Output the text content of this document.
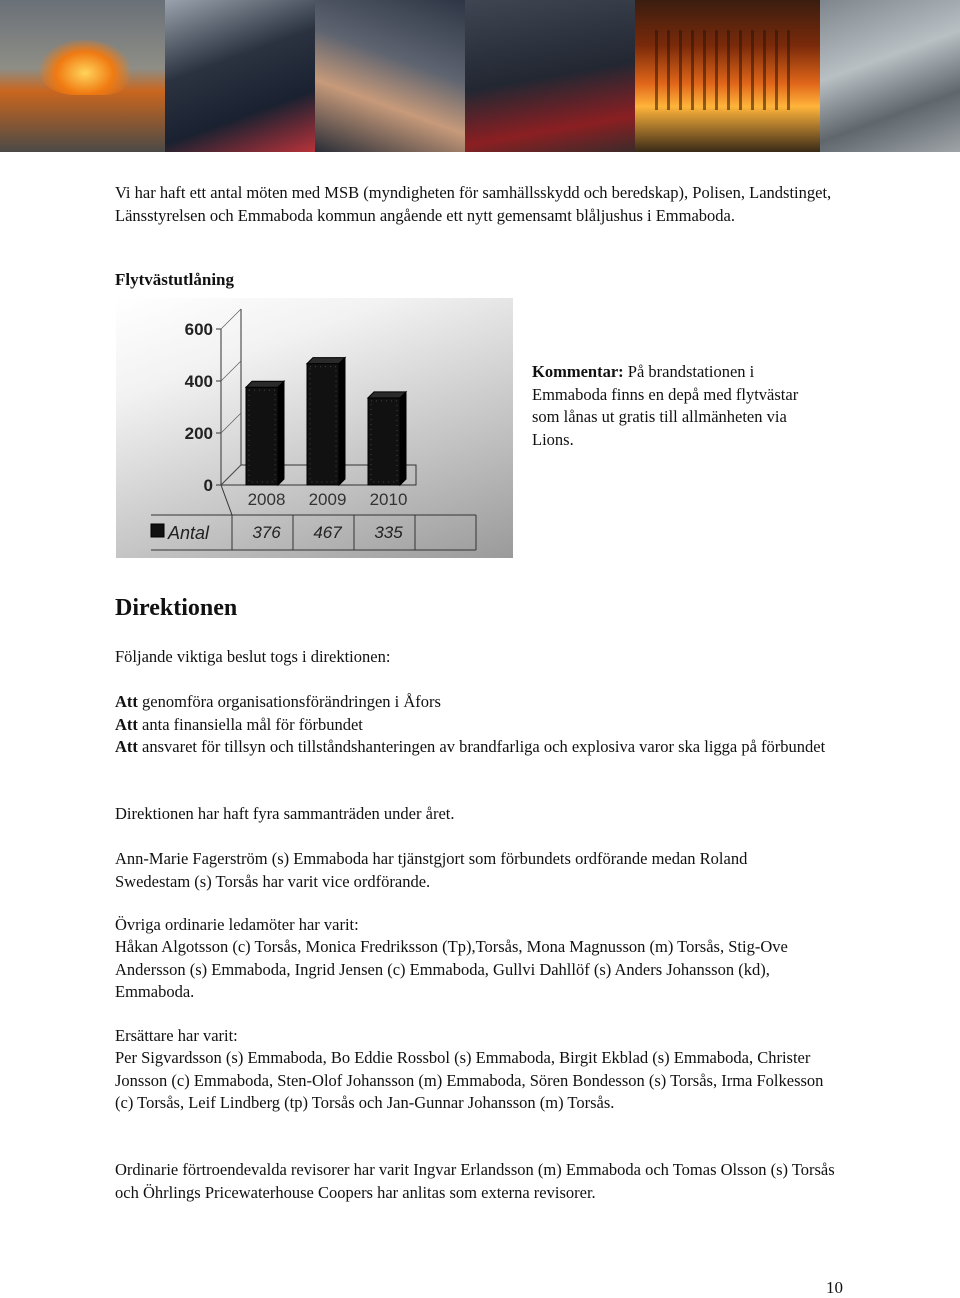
Vi har haft ett antal möten med MSB (myndigheten för samhällsskydd och beredskap), Polisen, Landstinget, Länsstyrelsen och Emmaboda kommun angående ett nytt gemensamt blåljushus i Emmaboda.

Flytvästutlåning
0
200
400
600
2008 2009 2010
Antal	376 467 335

Kommentar: På brandstationen i Emmaboda finns en depå med flytvästar som lånas ut gratis till allmänheten via Lions.

Direktionen

Följande viktiga beslut togs i direktionen:

Att genomföra organisationsförändringen i Åfors
Att anta finansiella mål för förbundet
Att ansvaret för tillsyn och tillståndshanteringen av brandfarliga och explosiva varor ska ligga på förbundet

Direktionen har haft fyra sammanträden under året.

Ann-Marie Fagerström (s) Emmaboda har tjänstgjort som förbundets ordförande medan Roland Swedestam (s) Torsås har varit vice ordförande.

Övriga ordinarie ledamöter har varit:

Håkan Algotsson (c) Torsås, Monica Fredriksson (Tp),Torsås, Mona Magnusson (m) Torsås, Stig-Ove Andersson (s) Emmaboda, Ingrid Jensen (c) Emmaboda, Gullvi Dahllöf (s) Anders Johansson (kd), Emmaboda.

Ersättare har varit:

Per Sigvardsson (s) Emmaboda, Bo Eddie Rossbol (s) Emmaboda, Birgit Ekblad (s) Emmaboda, Christer Jonsson (c) Emmaboda, Sten-Olof Johansson (m) Emmaboda, Sören Bondesson (s) Torsås, Irma Folkesson (c) Torsås, Leif Lindberg (tp) Torsås och Jan-Gunnar Johansson (m) Torsås.

Ordinarie förtroendevalda revisorer har varit Ingvar Erlandsson (m) Emmaboda och Tomas Olsson (s) Torsås och Öhrlings Pricewaterhouse Coopers har anlitas som externa revisorer.

10
